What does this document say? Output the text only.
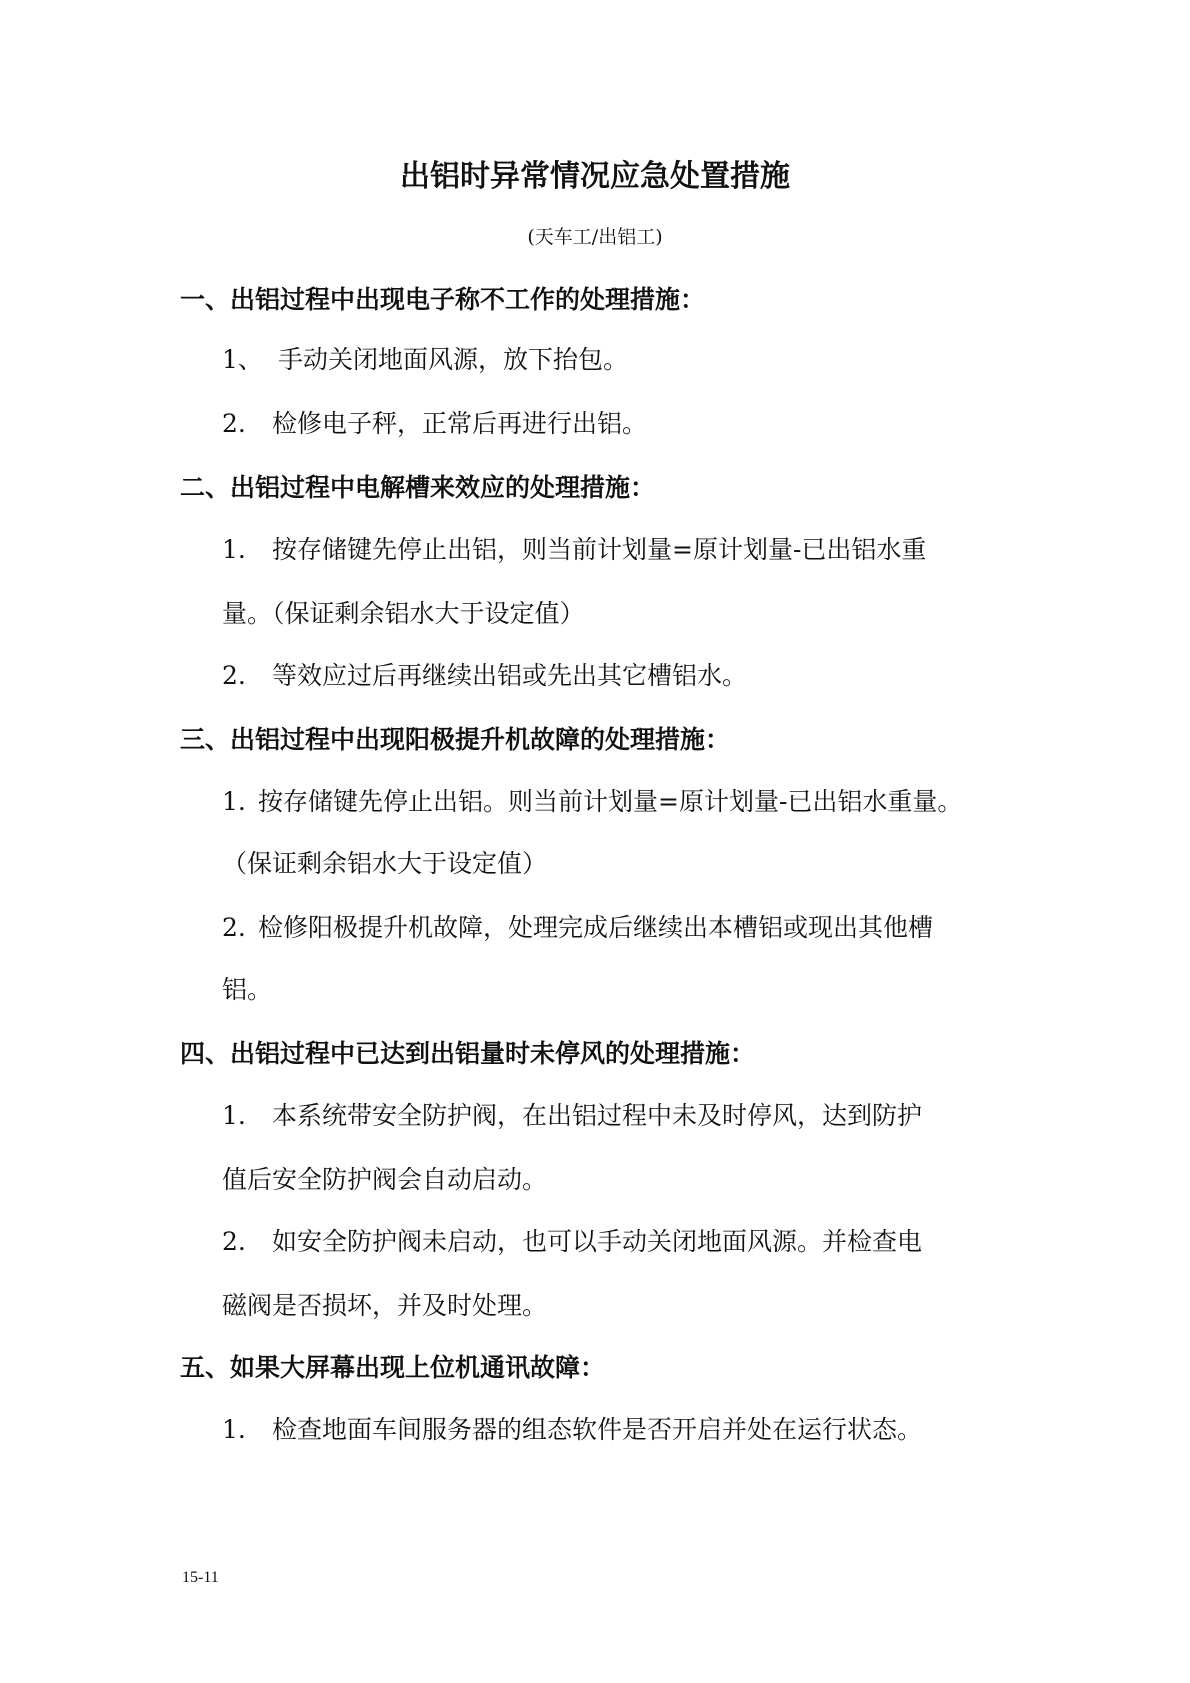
出铝时异常情况应急处置措施
(天车工/出铝工)
一、出铝过程中出现电子称不工作的处理措施：
1、 手动关闭地面风源，放下抬包。
2. 检修电子秤，正常后再进行出铝。
二、出铝过程中电解槽来效应的处理措施：
1. 按存储键先停止出铝，则当前计划量=原计划量-已出铝水重
量。（保证剩余铝水大于设定值）
2. 等效应过后再继续出铝或先出其它槽铝水。
三、出铝过程中出现阳极提升机故障的处理措施：
1. 按存储键先停止出铝。则当前计划量=原计划量-已出铝水重量。
（保证剩余铝水大于设定值）
2. 检修阳极提升机故障，处理完成后继续出本槽铝或现出其他槽
铝。
四、出铝过程中已达到出铝量时未停风的处理措施：
1. 本系统带安全防护阀，在出铝过程中未及时停风，达到防护
值后安全防护阀会自动启动。
2. 如安全防护阀未启动，也可以手动关闭地面风源。并检查电
磁阀是否损坏，并及时处理。
五、如果大屏幕出现上位机通讯故障：
1. 检查地面车间服务器的组态软件是否开启并处在运行状态。
15-11
